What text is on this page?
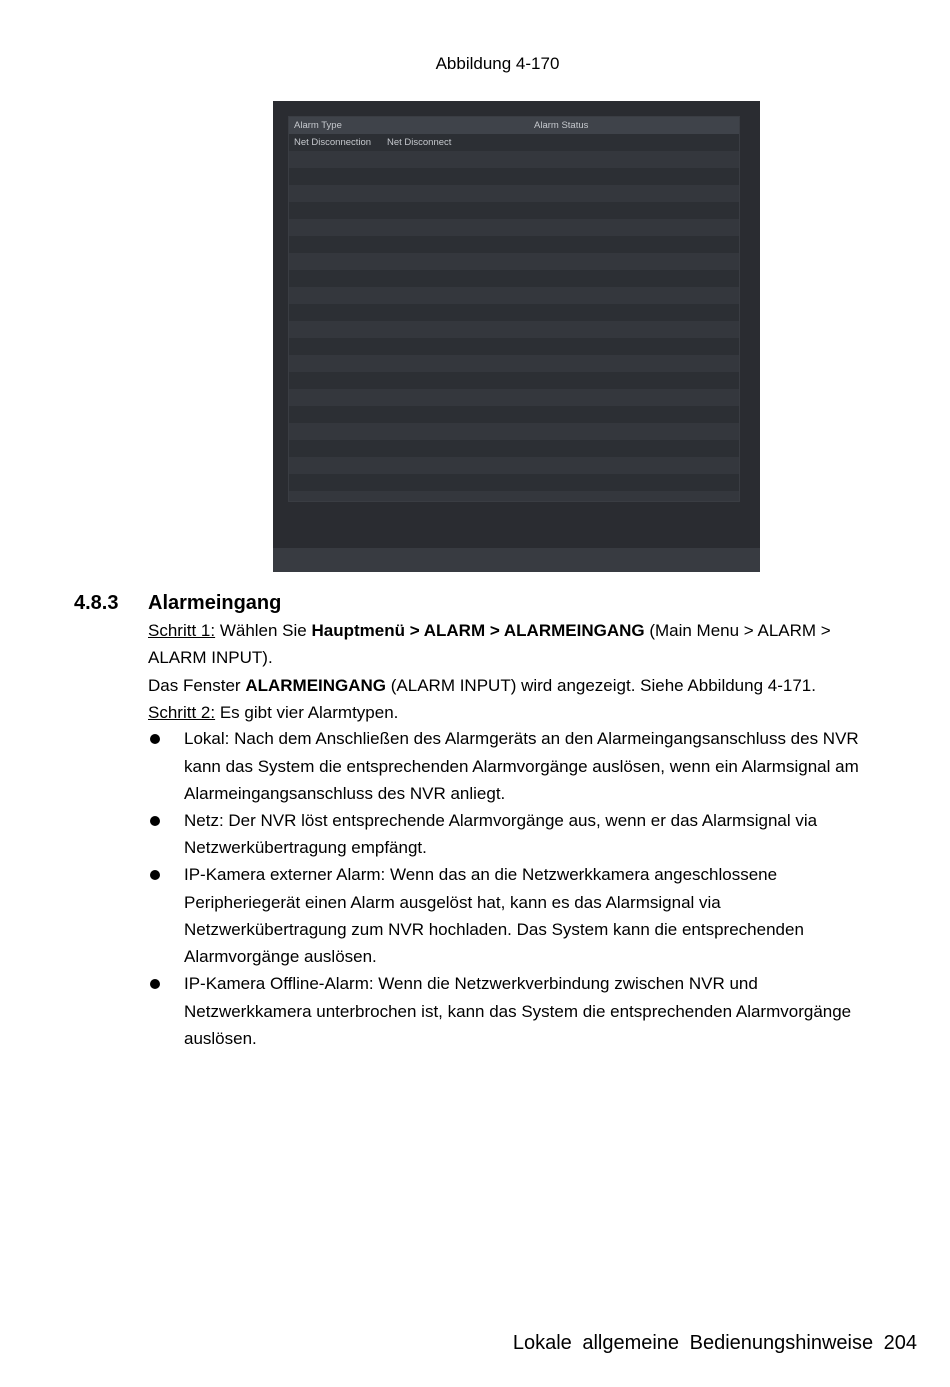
Abbildung 4-170
Alarm Type	Alarm Status
Net Disconnection Net Disconnect
4.8.3 Alarmeingang
Schritt 1: Wählen Sie Hauptmenü > ALARM > ALARMEINGANG (Main Menu > ALARM >
ALARM INPUT).
Das Fenster ALARMEINGANG (ALARM INPUT) wird angezeigt. Siehe Abbildung 4-171.
Schritt 2: Es gibt vier Alarmtypen.
Lokal: Nach dem Anschließen des Alarmgeräts an den Alarmeingangsanschluss des NVR
kann das System die entsprechenden Alarmvorgänge auslösen, wenn ein Alarmsignal am
Alarmeingangsanschluss des NVR anliegt.
Netz: Der NVR löst entsprechende Alarmvorgänge aus, wenn er das Alarmsignal via
Netzwerkübertragung empfängt.
IP-Kamera externer Alarm: Wenn das an die Netzwerkkamera angeschlossene
Peripheriegerät einen Alarm ausgelöst hat, kann es das Alarmsignal via
Netzwerkübertragung zum NVR hochladen. Das System kann die entsprechenden
Alarmvorgänge auslösen.
IP-Kamera Offline-Alarm: Wenn die Netzwerkverbindung zwischen NVR und
Netzwerkkamera unterbrochen ist, kann das System die entsprechenden Alarmvorgänge
auslösen.
Lokale allgemeine Bedienungshinweise 204
